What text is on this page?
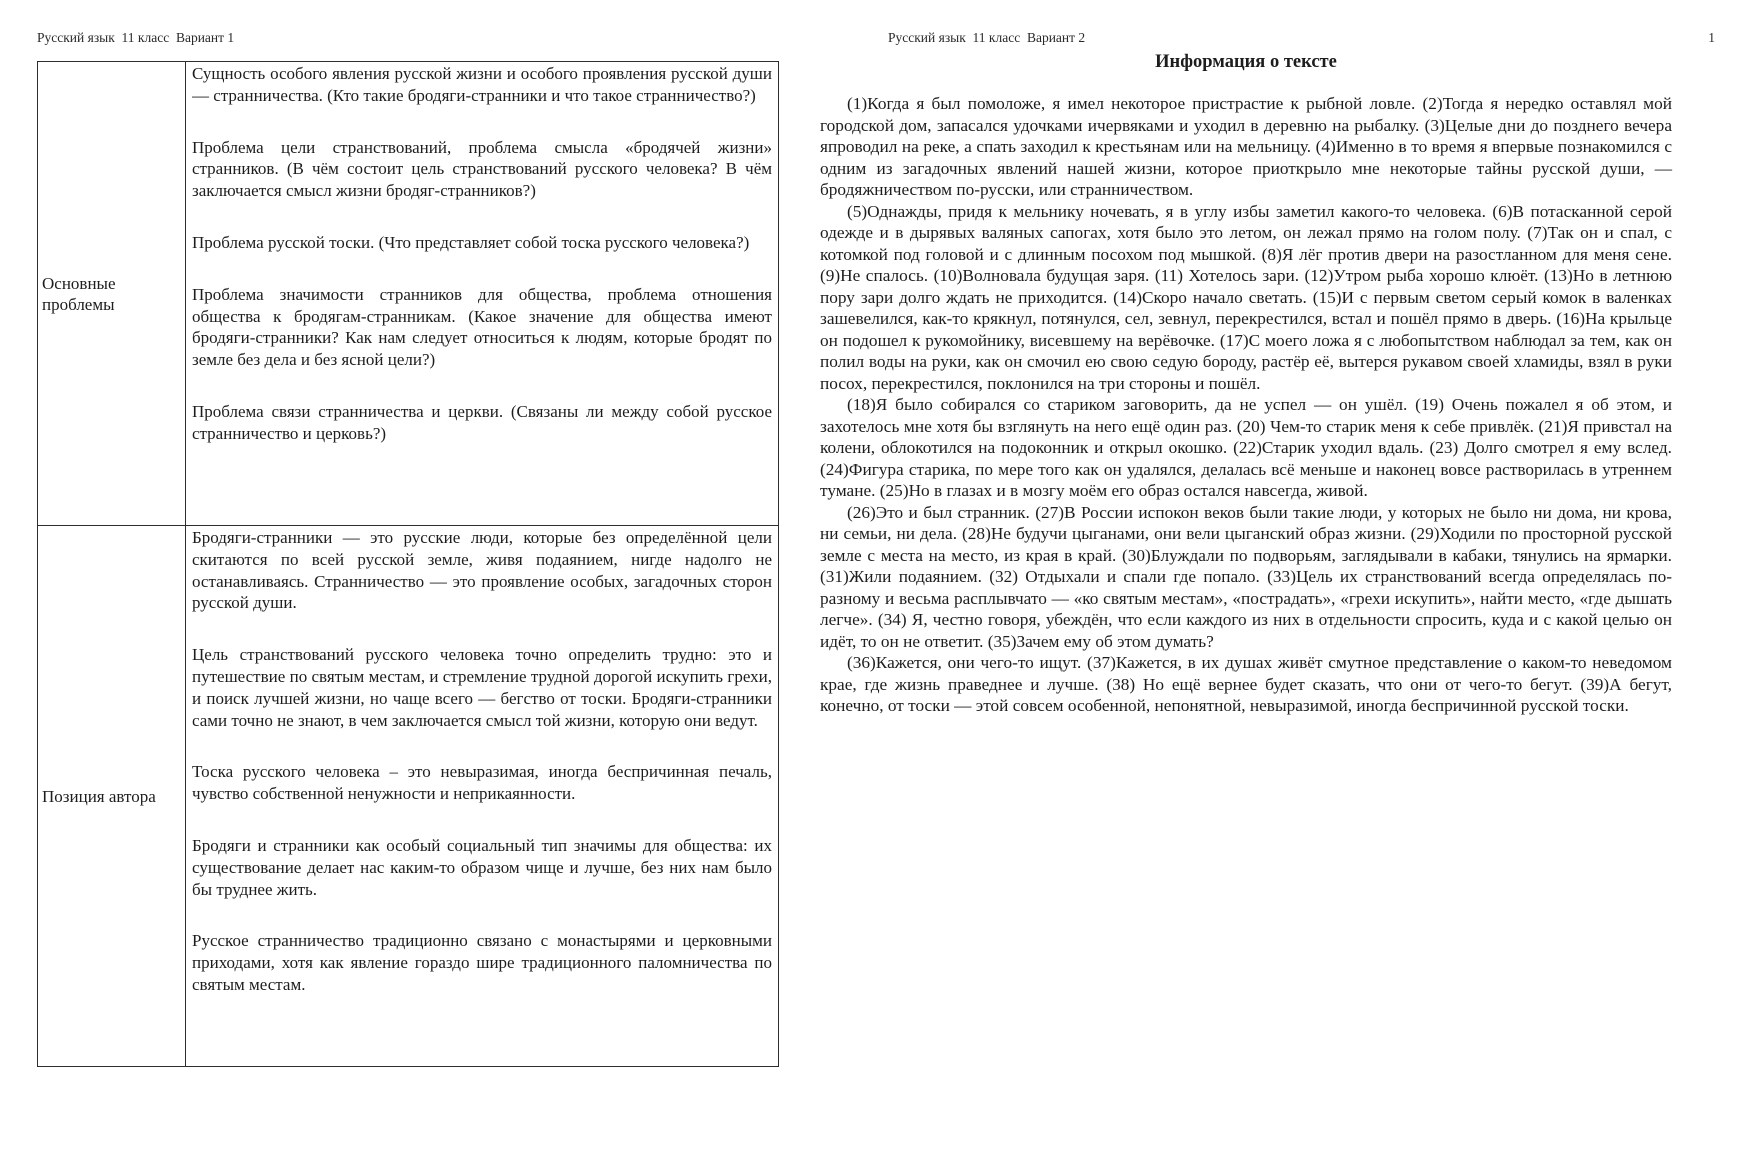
Русский язык  11 класс  Вариант 1
Основные проблемы	Сущность особого явления русской жизни и особого проявления русской души — странничества. (Кто такие бродяги-странники и что такое странничество?)

Проблема цели странствований, проблема смысла «бродячей жизни» странников. (В чём состоит цель странствований русского человека? В чём заключается смысл жизни бродяг-странников?)

Проблема русской тоски. (Что представляет собой тоска русского человека?)

Проблема значимости странников для общества, проблема отношения общества к бродягам-странникам. (Какое значение для общества имеют бродяги-странники? Как нам следует относиться к людям, которые бродят по земле без дела и без ясной цели?)

Проблема связи странничества и церкви. (Связаны ли между собой русское странничество и церковь?)

Позиция автора	Бродяги-странники — это русские люди, которые без определённой цели скитаются по всей русской земле, живя подаянием, нигде надолго не останавливаясь. Странничество — это проявление особых, загадочных сторон русской души.

Цель странствований русского человека точно определить трудно: это и путешествие по святым местам, и стремление трудной дорогой искупить грехи, и поиск лучшей жизни, но чаще всего — бегство от тоски. Бродяги-странники сами точно не знают, в чем заключается смысл той жизни, которую они ведут.

Тоска русского человека – это невыразимая, иногда беспричинная печаль, чувство собственной ненужности и неприкаянности.

Бродяги и странники как особый социальный тип значимы для общества: их существование делает нас каким-то образом чище и лучше, без них нам было бы труднее жить.

Русское странничество традиционно связано с монастырями и церковными приходами, хотя как явление гораздо шире традиционного паломничества по святым местам.

Русский язык  11 класс  Вариант 2	1
Информация о тексте

(1)Когда я был помоложе, я имел некоторое пристрастие к рыбной ловле. (2)Тогда я нередко оставлял мой городской дом, запасался удочками ичервяками и уходил в деревню на рыбалку. (3)Целые дни до позднего вечера япроводил на реке, а спать заходил к крестьянам или на мельницу. (4)Именно в то время я впервые познакомился с одним из загадочных явлений нашей жизни, которое приоткрыло мне некоторые тайны русской души, — бродяжничеством по-русски, или странничеством.

(5)Однажды, придя к мельнику ночевать, я в углу избы заметил какого-то человека. (6)В потасканной серой одежде и в дырявых валяных сапогах, хотя было это летом, он лежал прямо на голом полу. (7)Так он и спал, с котомкой под головой и с длинным посохом под мышкой. (8)Я лёг против двери на разостланном для меня сене. (9)Не спалось. (10)Волновала будущая заря. (11) Хотелось зари. (12)Утром рыба хорошо клюёт. (13)Но в летнюю пору зари долго ждать не приходится. (14)Скоро начало светать. (15)И с первым светом серый комок в валенках зашевелился, как-то крякнул, потянулся, сел, зевнул, перекрестился, встал и пошёл прямо в дверь. (16)На крыльце он подошел к рукомойнику, висевшему на верёвочке. (17)С моего ложа я с любопытством наблюдал за тем, как он полил воды на руки, как он смочил ею свою седую бороду, растёр её, вытерся рукавом своей хламиды, взял в руки посох, перекрестился, поклонился на три стороны и пошёл.

(18)Я было собирался со стариком заговорить, да не успел — он ушёл. (19) Очень пожалел я об этом, и захотелось мне хотя бы взглянуть на него ещё один раз. (20) Чем-то старик меня к себе привлёк. (21)Я привстал на колени, облокотился на подоконник и открыл окошко. (22)Старик уходил вдаль. (23) Долго смотрел я ему вслед. (24)Фигура старика, по мере того как он удалялся, делалась всё меньше и наконец вовсе растворилась в утреннем тумане. (25)Но в глазах и в мозгу моём его образ остался навсегда, живой.

(26)Это и был странник. (27)В России испокон веков были такие люди, у которых не было ни дома, ни крова, ни семьи, ни дела. (28)Не будучи цыганами, они вели цыганский образ жизни. (29)Ходили по просторной русской земле с места на место, из края в край. (30)Блуждали по подворьям, заглядывали в кабаки, тянулись на ярмарки. (31)Жили подаянием. (32) Отдыхали и спали где попало. (33)Цель их странствований всегда определялась по-разному и весьма расплывчато — «ко святым местам», «пострадать», «грехи искупить», найти место, «где дышать легче». (34) Я, честно говоря, убеждён, что если каждого из них в отдельности спросить, куда и с какой целью он идёт, то он не ответит. (35)Зачем ему об этом думать?

(36)Кажется, они чего-то ищут. (37)Кажется, в их душах живёт смутное представление о каком-то неведомом крае, где жизнь праведнее и лучше. (38) Но ещё вернее будет сказать, что они от чего-то бегут. (39)А бегут, конечно, от тоски — этой совсем особенной, непонятной, невыразимой, иногда беспричинной русской тоски.
